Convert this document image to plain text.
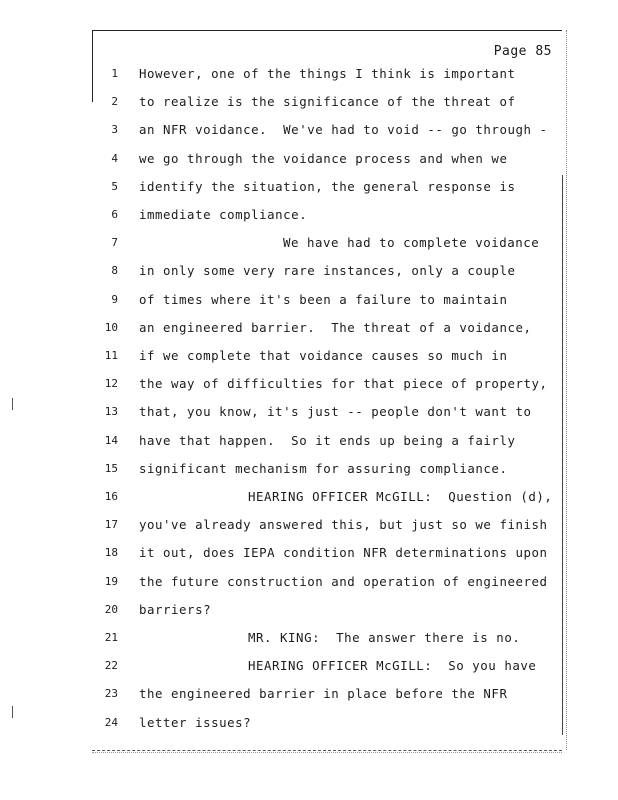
Page 85
1 However, one of the things I think is important
2 to realize is the significance of the threat of
3 an NFR voidance.  We've had to void -- go through -
4 we go through the voidance process and when we
5 identify the situation, the general response is
6 immediate compliance.
7	We have had to complete voidance
8 in only some very rare instances, only a couple
9 of times where it's been a failure to maintain
10 an engineered barrier.  The threat of a voidance,
11 if we complete that voidance causes so much in
12 the way of difficulties for that piece of property,
13 that, you know, it's just -- people don't want to
14 have that happen.  So it ends up being a fairly
15 significant mechanism for assuring compliance.
16	HEARING OFFICER McGILL:  Question (d),
17 you've already answered this, but just so we finish
18 it out, does IEPA condition NFR determinations upon
19 the future construction and operation of engineered
20 barriers?
21	MR. KING:  The answer there is no.
22	HEARING OFFICER McGILL:  So you have
23 the engineered barrier in place before the NFR
24 letter issues?
